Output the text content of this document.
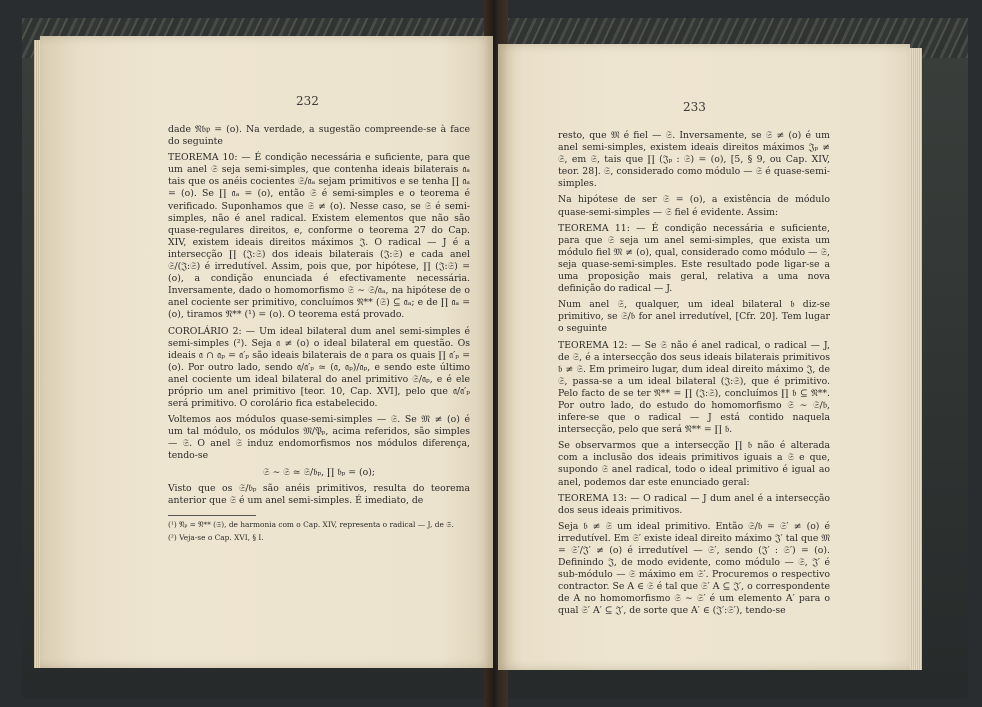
232

dade 𝔑𝔟𝔭 = (o). Na verdade, a sugestão compreende-se à face do seguinte

TEOREMA 10: — É condição necessária e suficiente, para que um anel 𝔖 seja semi-simples, que contenha ideais bilaterais 𝔞ₐ tais que os anéis cocientes 𝔖/𝔞ₐ sejam primitivos e se tenha ∏ 𝔞ₐ = (o). Se ∏ 𝔞ₐ = (o), então 𝔖 é semi-simples e o teorema é verificado. Suponhamos que 𝔖 ≠ (o). Nesse caso, se 𝔖 é semi-simples, não é anel radical. Existem elementos que não são quase-regulares direitos, e, conforme o teorema 27 do Cap. XIV, existem ideais direitos máximos 𝔍. O radical — J é a intersecção ∏ (𝔍:𝔖) dos ideais bilaterais (𝔍:𝔖) e cada anel 𝔖/(𝔍:𝔖) é irredutível. Assim, pois que, por hipótese, ∏ (𝔍:𝔖) = (o), a condição enunciada é efectivamente necessária. Inversamente, dado o homomorfismo 𝔖 ∼ 𝔖/𝔞ₐ, na hipótese de o anel cociente ser primitivo, concluímos 𝔑** (𝔖) ⊆ 𝔞ₐ; e de ∏ 𝔞ₐ = (o), tiramos 𝔑** (¹) = (o). O teorema está provado.

COROLÁRIO 2: — Um ideal bilateral dum anel semi-simples é semi-simples (²). Seja 𝔞 ≠ (o) o ideal bilateral em questão. Os ideais 𝔞 ∩ 𝔞ₚ = 𝔞′ₚ são ideais bilaterais de 𝔞 para os quais ∏ 𝔞′ₚ = (o). Por outro lado, sendo 𝔞/𝔞′ₚ ≃ (𝔞, 𝔞ₚ)/𝔞ₚ, e sendo este último anel cociente um ideal bilateral do anel primitivo 𝔖/𝔞ₚ, e é ele próprio um anel primitivo [teor. 10, Cap. XVI], pelo que 𝔞/𝔞′ₚ será primitivo. O corolário fica estabelecido.

Voltemos aos módulos quase-semi-simples — 𝔖. Se 𝔐 ≠ (o) é um tal módulo, os módulos 𝔐/𝔓ₚ, acima referidos, são simples — 𝔖. O anel 𝔖 induz endomorfismos nos módulos diferença, tendo-se

𝔖 ∼ 𝔖 ≃ 𝔖/𝔟ₚ, ∏ 𝔟ₚ = (o);

Visto que os 𝔖/𝔟ₚ são anéis primitivos, resulta do teorema anterior que 𝔖 é um anel semi-simples. É imediato, de

(¹) 𝔑ₚ = 𝔑** (𝔖), de harmonia com o Cap. XIV, representa o radical — J, de 𝔖.

(²) Veja-se o Cap. XVI, § I.

233

resto, que 𝔐 é fiel — 𝔖. Inversamente, se 𝔖 ≠ (o) é um anel semi-simples, existem ideais direitos máximos 𝔍ₚ ≠ 𝔖, em 𝔖, tais que ∏ (𝔍ₚ : 𝔖) = (o), [5, § 9, ou Cap. XIV, teor. 28]. 𝔖, considerado como módulo — 𝔖 é quase-semi-simples.

Na hipótese de ser 𝔖 = (o), a existência de módulo quase-semi-simples — 𝔖 fiel é evidente. Assim:

TEOREMA 11: — É condição necessária e suficiente, para que 𝔖 seja um anel semi-simples, que exista um módulo fiel 𝔐 ≠ (o), qual, considerado como módulo — 𝔖, seja quase-semi-simples. Este resultado pode ligar-se a uma proposição mais geral, relativa a uma nova definição do radical — J.

Num anel 𝔖, qualquer, um ideal bilateral 𝔟 diz-se primitivo, se 𝔖/𝔟 for anel irredutível, [Cfr. 20]. Tem lugar o seguinte

TEOREMA 12: — Se 𝔖 não é anel radical, o radical — J, de 𝔖, é a intersecção dos seus ideais bilaterais primitivos 𝔟 ≠ 𝔖. Em primeiro lugar, dum ideal direito máximo 𝔍, de 𝔖, passa-se a um ideal bilateral (𝔍:𝔖), que é primitivo. Pelo facto de se ter 𝔑** = ∏ (𝔍:𝔖), concluímos ∏ 𝔟 ⊆ 𝔑**. Por outro lado, do estudo do homomorfismo 𝔖 ∼ 𝔖/𝔟, infere-se que o radical — J está contido naquela intersecção, pelo que será 𝔑** = ∏ 𝔟.

Se observarmos que a intersecção ∏ 𝔟 não é alterada com a inclusão dos ideais primitivos iguais a 𝔖 e que, supondo 𝔖 anel radical, todo o ideal primitivo é igual ao anel, podemos dar este enunciado geral:

TEOREMA 13: — O radical — J dum anel é a intersecção dos seus ideais primitivos.

Seja 𝔟 ≠ 𝔖 um ideal primitivo. Então 𝔖/𝔟 = 𝔖′ ≠ (o) é irredutível. Em 𝔖′ existe ideal direito máximo 𝔍′ tal que 𝔐 = 𝔖′/𝔍′ ≠ (o) é irredutível — 𝔖′, sendo (𝔍′ : 𝔖′) = (o). Definindo 𝔍, de modo evidente, como módulo — 𝔖, 𝔍′ é sub-módulo — 𝔖 máximo em 𝔖′. Procuremos o respectivo contractor. Se A ∈ 𝔖 é tal que 𝔖′ A ⊆ 𝔍′, o correspondente de A no homomorfismo 𝔖 ∼ 𝔖′ é um elemento A′ para o qual 𝔖′ A′ ⊆ 𝔍′, de sorte que A′ ∈ (𝔍′:𝔖′), tendo-se
